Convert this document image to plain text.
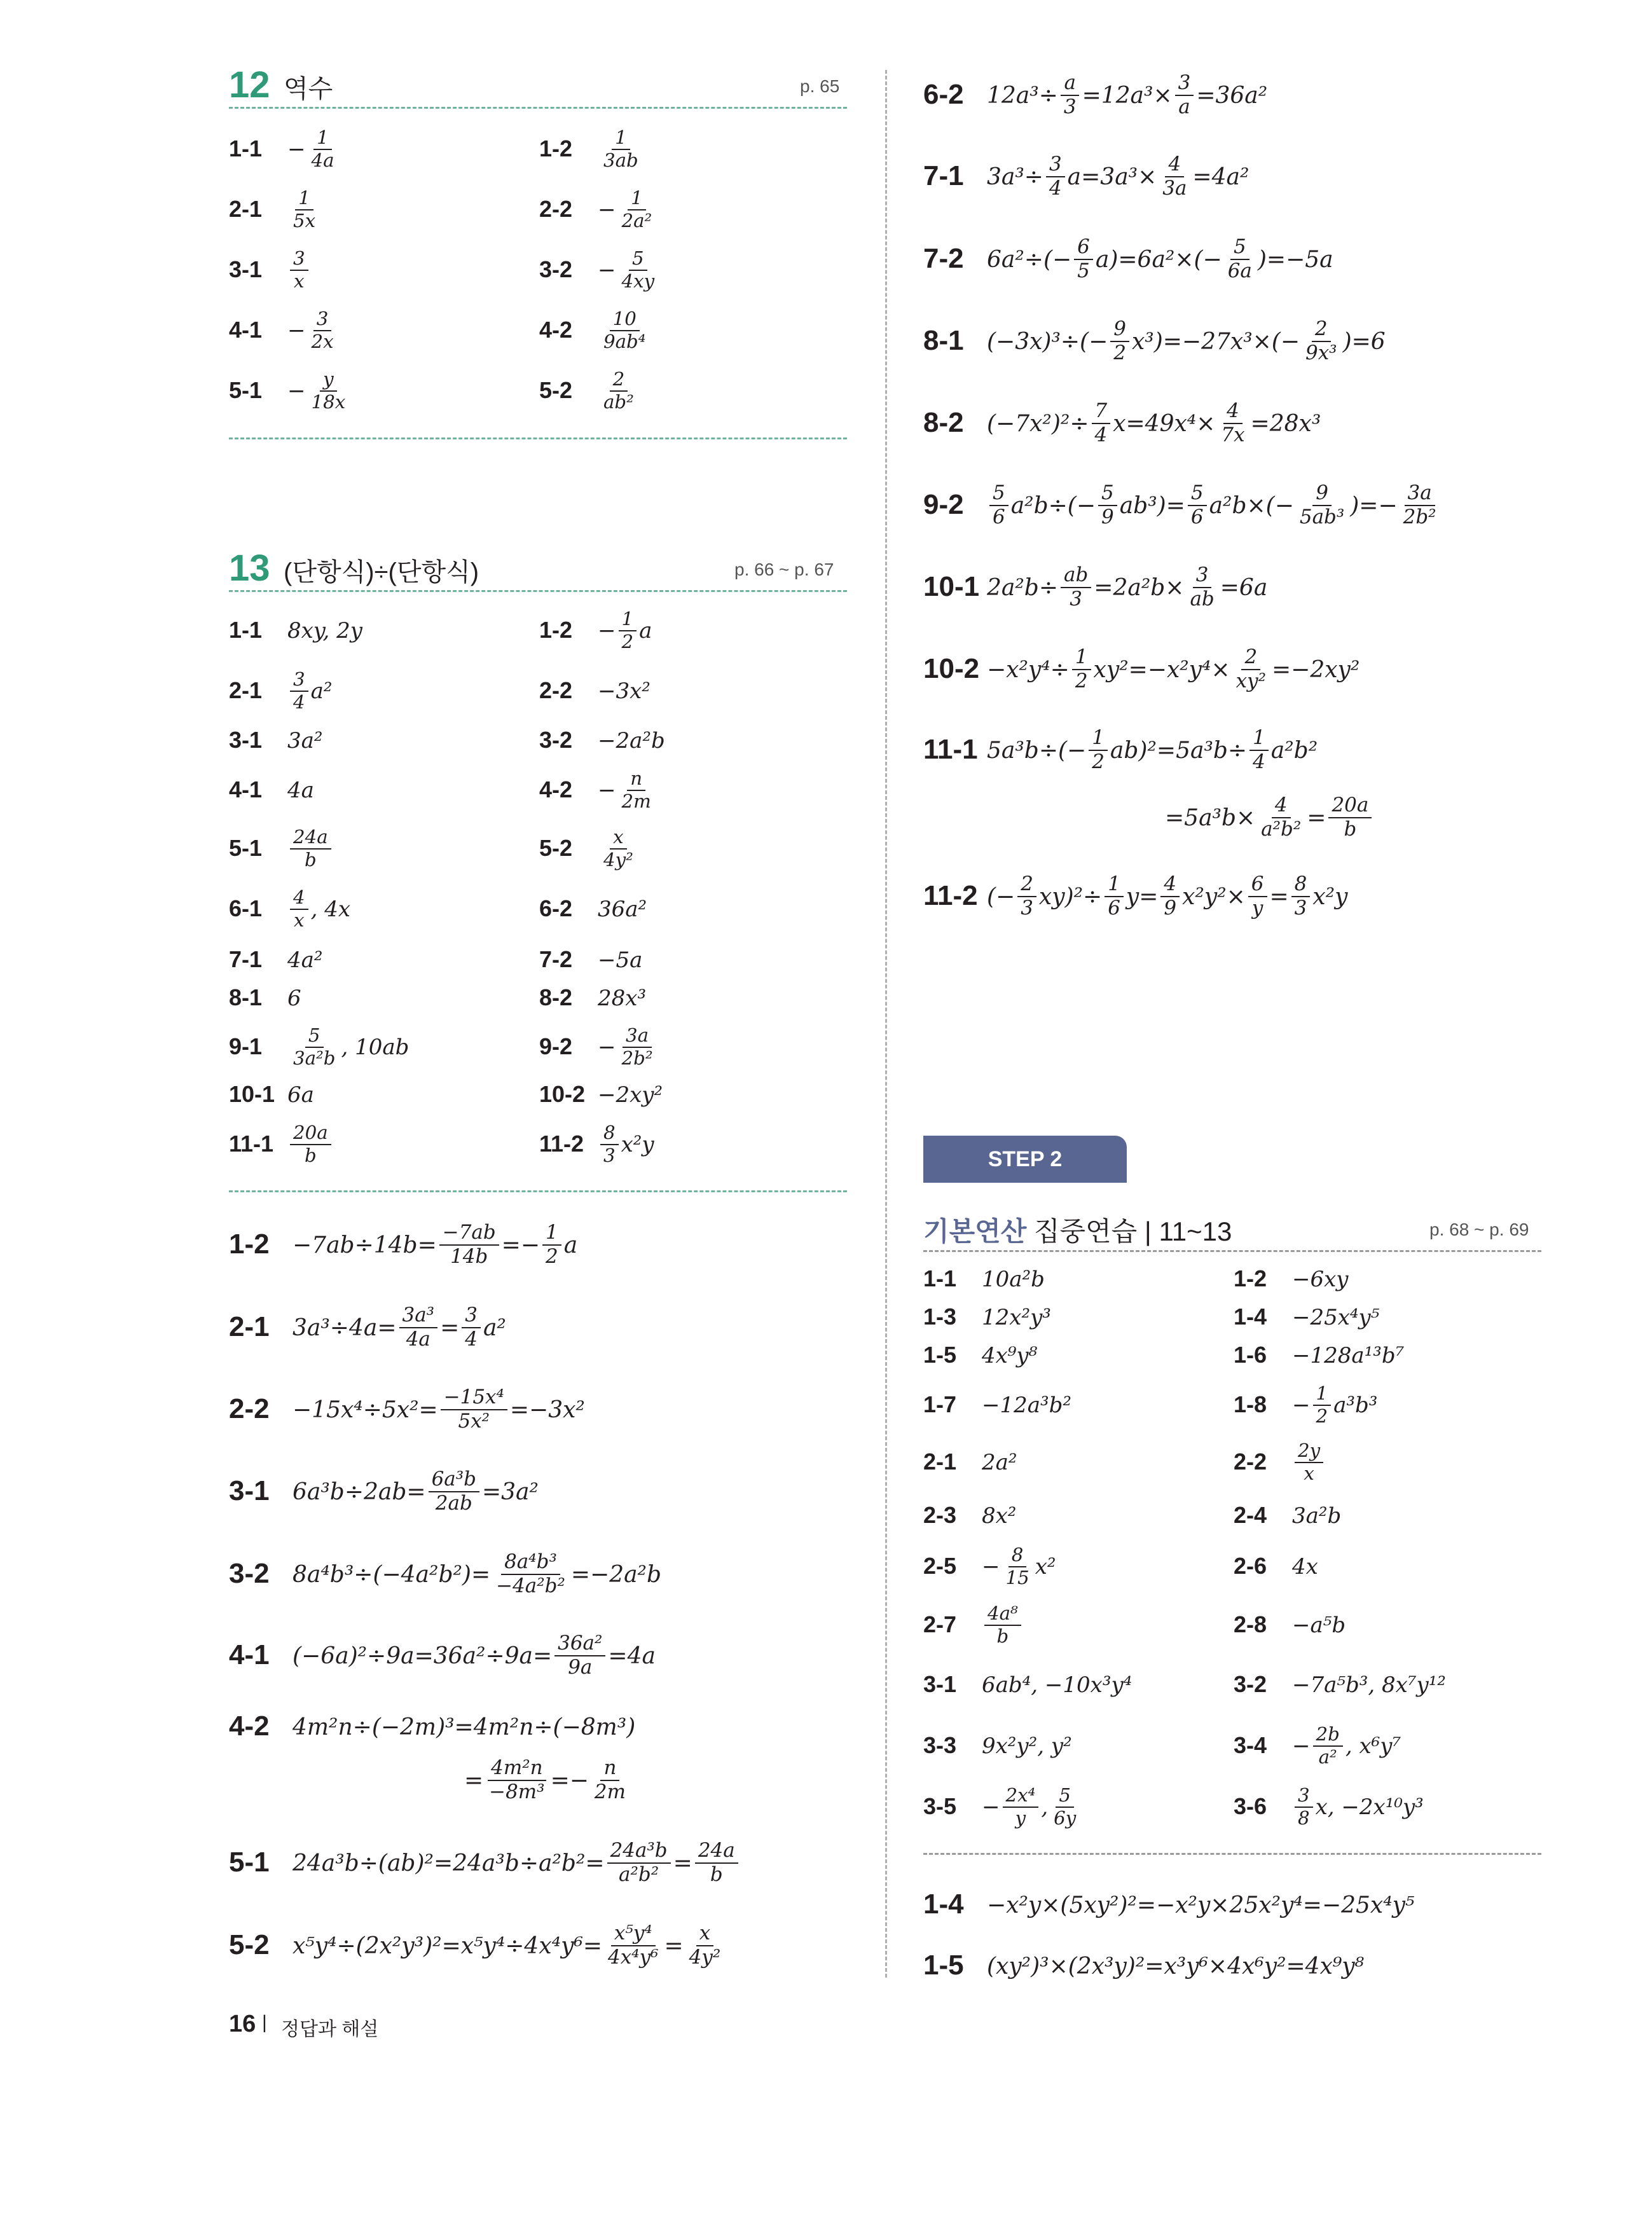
12 역수	p. 65
$1-1 - \frac{1}{4a}$	$1-2 \frac{1}{3ab}$
$2-1 \frac{1}{5x}$	$2-2 - \frac{1}{\text{2a²}}$
$3-1 \frac{3}{x}$	$3-2 - \frac{5}{4xy}$
$4-1 - \frac{3}{2x}$	$4-2 \frac{10}{\text{9ab⁴}}$
$5-1 - \frac{y}{18x}$	$5-2 \frac{2}{\text{ab²}}$
13 (단항식)÷(단항식)	p. 66 ~ p. 67
1-1 8xy, 2y	$1-2 - \frac{1}{2}$ a
$2-1 \frac{3}{4} a^2$	2-2 −3x²
3-1 3a²	3-2 −2a²b
4-1 4a	$4-2 - \frac{n}{2m}$
$5-1 \frac{24a}{b}$	$5-2 \frac{x}{\text{4y²}}$
$6-1 \frac{4}{x}$ , 4x	6-2 36a²
7-1 4a²	7-2 −5a
8-1 6	8-2 28x³
$9-1 \frac{5}{\text{3a²b}}$ , 10ab	$9-2 - \frac{3a}{\text{2b²}}$
10-1 6a	10-2 −2xy²
$11-1 \frac{20a}{b}$	$11-2 \frac{8}{3} x^2y$
$1-2 -7ab\div 14b= \frac{-7ab}{14b} =- \frac{1}{2}$ a
2-1 $3a^3\div 4a= \frac{\text{3a³}}{4a} = \frac{3}{4} a^2$
$2-2 -15x^4\div 5x^2= \frac{\text{−15x⁴}}{\text{5x²}} =-3x^2$
3-1 $6a^3b\div 2ab= \frac{\text{6a³b}}{2ab} =3a^2$
3-2 $8a^4b^3\div(-4a^2b^2)= \frac{\text{8a⁴b³}}{\text{−4a²b²}} =-2a^2b$
4-1 $(-6a)^2\div 9a=36a^2\div 9a= \frac{\text{36a²}}{9a} =4a$
4-2 4m²n÷(−2m)³=4m²n÷(−8m³)
= $\frac{\text{4m²n}}{\text{−8m³}} =- \frac{n}{2m}$
5-1 $24a^3b\div(ab)^2=24a^3b\div a^2b^2= \frac{\text{24a³b}}{\text{a²b²}} = \frac{24a}{b}$
5-2 $x^5y^4\div(2x^2y^3)^2=x^5y^4\div 4x^4y^6= \frac{\text{x⁵y⁴}}{\text{4x⁴y⁶}} = \frac{x}{\text{4y²}}$
6-2 $12a^3\div \frac{a}{3} =12a^3\times \frac{3}{a} =36a^2$
7-1 $3a^3\div \frac{3}{4} a=3a^3\times \frac{4}{3a} =4a^2$
7-2 $6a^2\div(- \frac{6}{5} a)=6a^2\times(- \frac{5}{6a} )=-5a$
8-1 $(-3x)^3\div(- \frac{9}{2} x^3)=-27x^3\times(- \frac{2}{\text{9x³}} )=6$
8-2 $(-7x^2)^2\div \frac{7}{4} x=49x^4\times \frac{4}{7x} =28x^3$
$9-2 \frac{5}{6} a^2b\div(- \frac{5}{9} ab^3)= \frac{5}{6} a^2b\times(- \frac{9}{\text{5ab³}}$ )=− $\frac{3a}{\text{2b²}}$
10-1 $2a^2b\div \frac{ab}{3} =2a^2b\times \frac{3}{ab} =6a$
$10-2 -x^2y^4\div \frac{1}{2} xy^2=-x^2y^4\times \frac{2}{\text{xy²}} =-2xy^2$
11-1 $5a^3b\div(- \frac{1}{2} ab)^2=5a^3b\div \frac{1}{4} a^2b^2$
$=5a^3b\times \frac{4}{\text{a²b²}} = \frac{20a}{b}$
11-2 (− $\frac{2}{3} xy)^2\div \frac{1}{6} y= \frac{4}{9} x^2y^2\times \frac{6}{y} = \frac{8}{3} x^2y$
STEP 2
기본연산 집중연습 | 11~13	p. 68 ~ p. 69
1-1 10a²b	1-2 −6xy
1-3 12x²y³	1-4 −25x⁴y⁵
1-5 4x⁹y⁸	1-6 −128a¹³b⁷
1-7 −12a³b²	$1-8 - \frac{1}{2} a^3b^3$
2-1 2a²	$2-2 \frac{2y}{x}$
2-3 8x²	2-4 3a²b
$2-5 - \frac{8}{15} x^2$	2-6 4x
$2-7 \frac{\text{4a⁸}}{b}$	2-8 −a⁵b
3-1 6ab⁴, −10x³y⁴	3-2 −7a⁵b³, 8x⁷y¹²
3-3 9x²y², y²	$3-4 - \frac{2b}{\text{a²}}$ , x⁶y⁷
$3-5 - \frac{\text{2x⁴}}{y}$ , $\frac{5}{6y}$	$3-6 \frac{3}{8} x$, −2x¹⁰y³
1-4 −x²y×(5xy²)²=−x²y×25x²y⁴=−25x⁴y⁵
1-5 (xy²)³×(2x³y)²=x³y⁶×4x⁶y²=4x⁹y⁸
16 | 정답과 해설
